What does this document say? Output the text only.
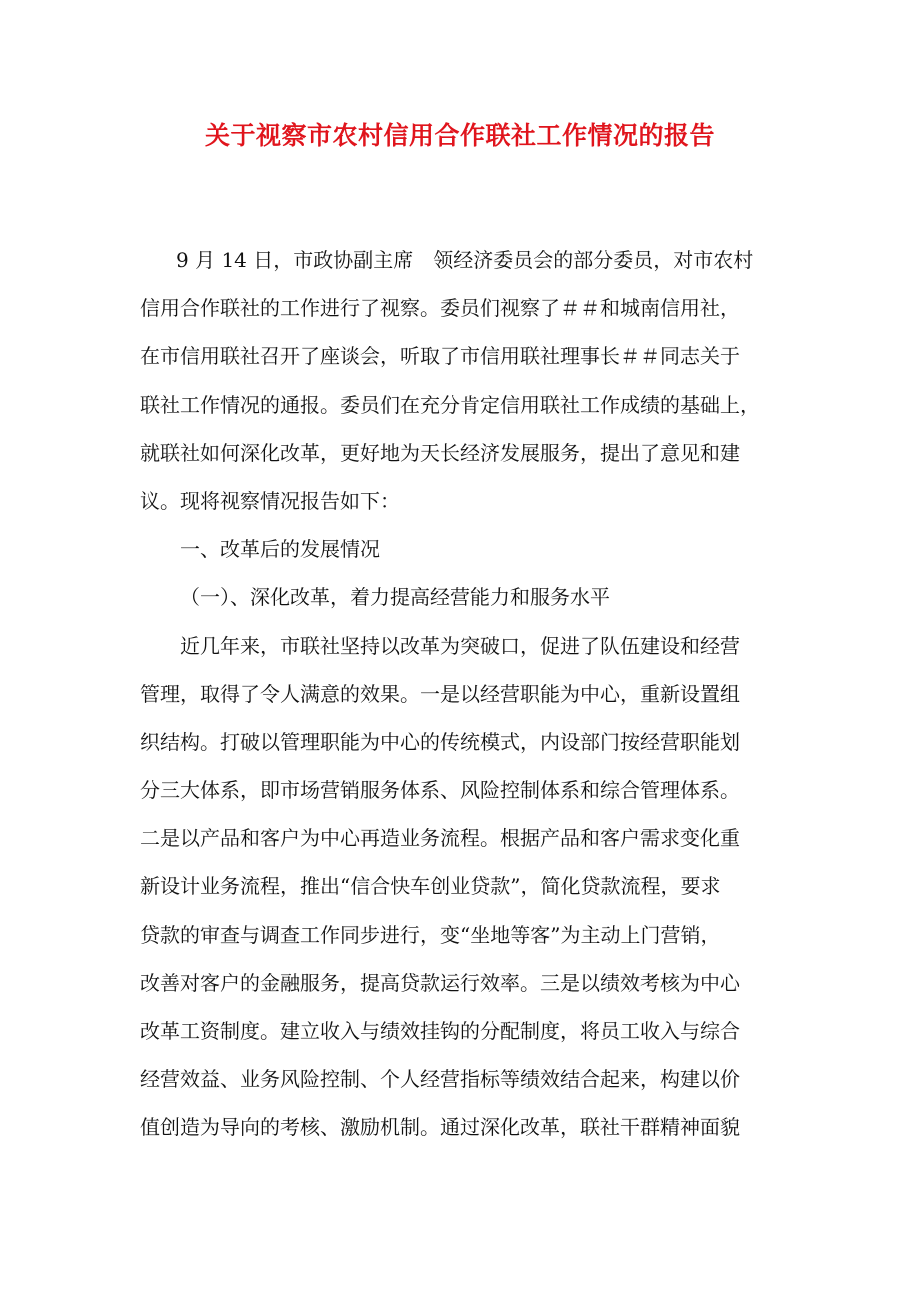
关于视察市农村信用合作联社工作情况的报告
9 月 14 日，市政协副主席　领经济委员会的部分委员，对市农村
信用合作联社的工作进行了视察。委员们视察了＃＃和城南信用社，
在市信用联社召开了座谈会，听取了市信用联社理事长＃＃同志关于
联社工作情况的通报。委员们在充分肯定信用联社工作成绩的基础上，
就联社如何深化改革，更好地为天长经济发展服务，提出了意见和建
议。现将视察情况报告如下：
一、改革后的发展情况
（一）、深化改革，着力提高经营能力和服务水平
近几年来，市联社坚持以改革为突破口，促进了队伍建设和经营
管理，取得了令人满意的效果。一是以经营职能为中心，重新设置组
织结构。打破以管理职能为中心的传统模式，内设部门按经营职能划
分三大体系，即市场营销服务体系、风险控制体系和综合管理体系。
二是以产品和客户为中心再造业务流程。根据产品和客户需求变化重
新设计业务流程，推出“信合快车创业贷款”，简化贷款流程，要求
贷款的审查与调查工作同步进行，变“坐地等客”为主动上门营销，
改善对客户的金融服务，提高贷款运行效率。三是以绩效考核为中心
改革工资制度。建立收入与绩效挂钩的分配制度，将员工收入与综合
经营效益、业务风险控制、个人经营指标等绩效结合起来，构建以价
值创造为导向的考核、激励机制。通过深化改革，联社干群精神面貌
